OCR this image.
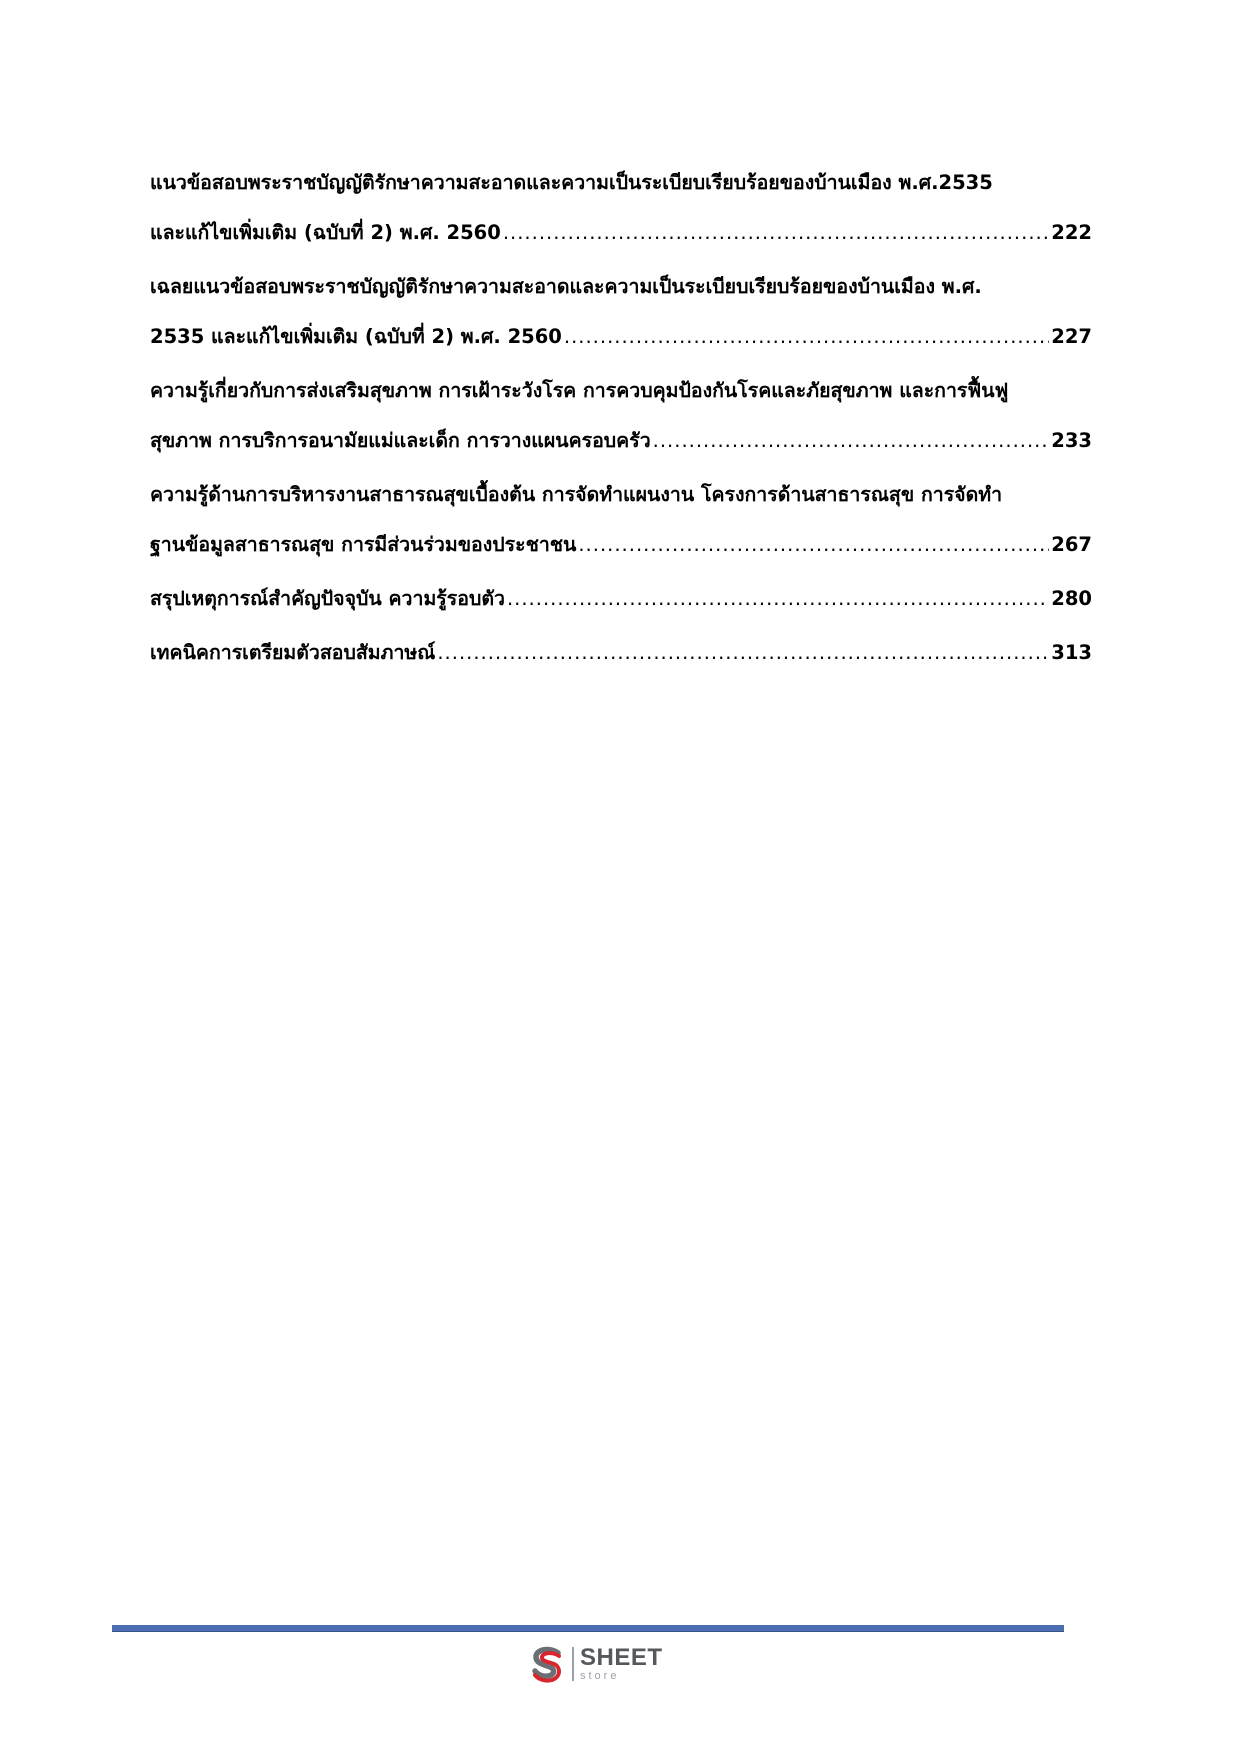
แนวข้อสอบพระราชบัญญัติรักษาความสะอาดและความเป็นระเบียบเรียบร้อยของบ้านเมือง พ.ศ.2535
และแก้ไขเพิ่มเติม (ฉบับที่ 2) พ.ศ. 2560 .....	222

เฉลยแนวข้อสอบพระราชบัญญัติรักษาความสะอาดและความเป็นระเบียบเรียบร้อยของบ้านเมือง พ.ศ.
2535 และแก้ไขเพิ่มเติม (ฉบับที่ 2) พ.ศ. 2560 .....	227

ความรู้เกี่ยวกับการส่งเสริมสุขภาพ การเฝ้าระวังโรค การควบคุมป้องกันโรคและภัยสุขภาพ และการฟื้นฟู
สุขภาพ การบริการอนามัยแม่และเด็ก การวางแผนครอบครัว .....	233

ความรู้ด้านการบริหารงานสาธารณสุขเบื้องต้น การจัดทำแผนงาน โครงการด้านสาธารณสุข การจัดทำ
ฐานข้อมูลสาธารณสุข การมีส่วนร่วมของประชาชน .....	267

สรุปเหตุการณ์สำคัญปัจจุบัน ความรู้รอบตัว .....	280

เทคนิคการเตรียมตัวสอบสัมภาษณ์ .....	313

SHEET
store
